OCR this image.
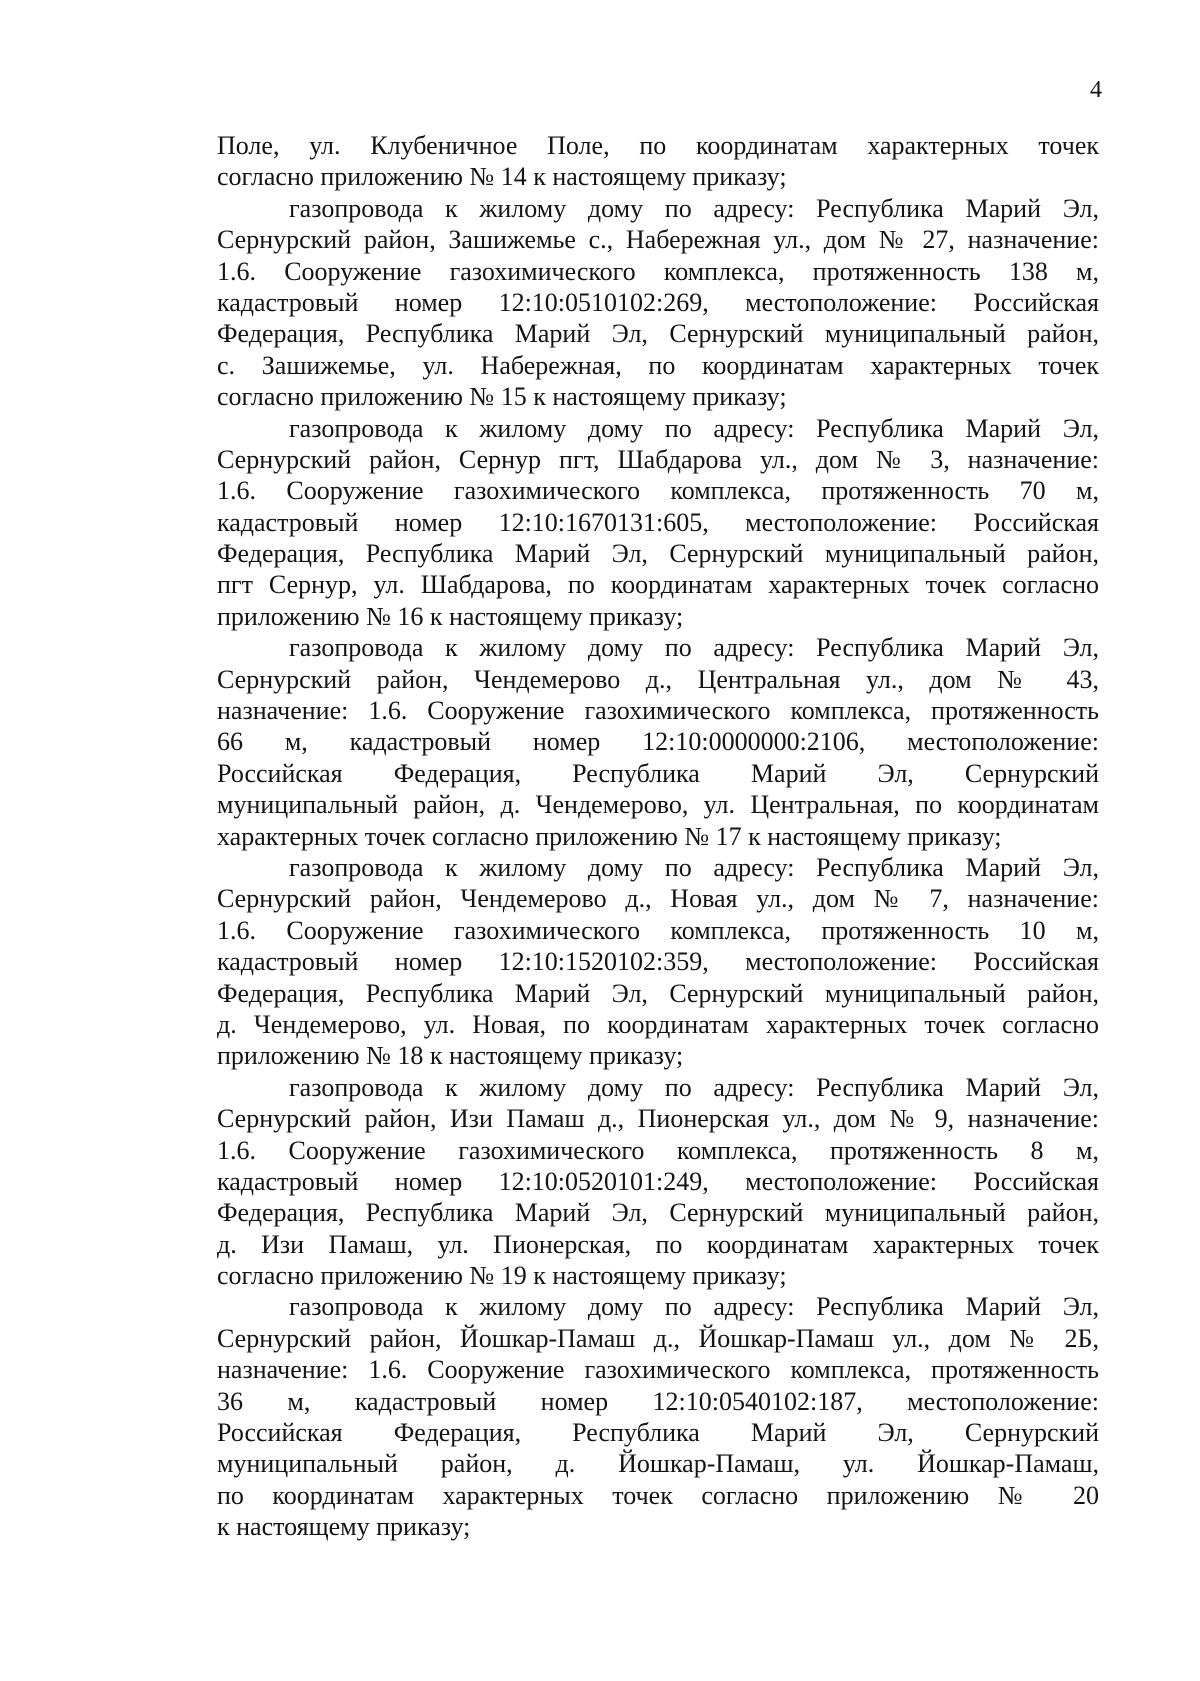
4
Поле, ул. Клубеничное Поле, по координатам характерных точек
согласно приложению № 14 к настоящему приказу;
газопровода к жилому дому по адресу: Республика Марий Эл,
Сернурский район, Зашижемье с., Набережная ул., дом № 27, назначение:
1.6. Сооружение газохимического комплекса, протяженность 138 м,
кадастровый номер 12:10:0510102:269, местоположение: Российская
Федерация, Республика Марий Эл, Сернурский муниципальный район,
с. Зашижемье, ул. Набережная, по координатам характерных точек
согласно приложению № 15 к настоящему приказу;
газопровода к жилому дому по адресу: Республика Марий Эл,
Сернурский район, Сернур пгт, Шабдарова ул., дом № 3, назначение:
1.6. Сооружение газохимического комплекса, протяженность 70 м,
кадастровый номер 12:10:1670131:605, местоположение: Российская
Федерация, Республика Марий Эл, Сернурский муниципальный район,
пгт Сернур, ул. Шабдарова, по координатам характерных точек согласно
приложению № 16 к настоящему приказу;
газопровода к жилому дому по адресу: Республика Марий Эл,
Сернурский район, Чендемерово д., Центральная ул., дом № 43,
назначение: 1.6. Сооружение газохимического комплекса, протяженность
66 м, кадастровый номер 12:10:0000000:2106, местоположение:
Российская Федерация, Республика Марий Эл, Сернурский
муниципальный район, д. Чендемерово, ул. Центральная, по координатам
характерных точек согласно приложению № 17 к настоящему приказу;
газопровода к жилому дому по адресу: Республика Марий Эл,
Сернурский район, Чендемерово д., Новая ул., дом № 7, назначение:
1.6. Сооружение газохимического комплекса, протяженность 10 м,
кадастровый номер 12:10:1520102:359, местоположение: Российская
Федерация, Республика Марий Эл, Сернурский муниципальный район,
д. Чендемерово, ул. Новая, по координатам характерных точек согласно
приложению № 18 к настоящему приказу;
газопровода к жилому дому по адресу: Республика Марий Эл,
Сернурский район, Изи Памаш д., Пионерская ул., дом № 9, назначение:
1.6. Сооружение газохимического комплекса, протяженность 8 м,
кадастровый номер 12:10:0520101:249, местоположение: Российская
Федерация, Республика Марий Эл, Сернурский муниципальный район,
д. Изи Памаш, ул. Пионерская, по координатам характерных точек
согласно приложению № 19 к настоящему приказу;
газопровода к жилому дому по адресу: Республика Марий Эл,
Сернурский район, Йошкар-Памаш д., Йошкар-Памаш ул., дом № 2Б,
назначение: 1.6. Сооружение газохимического комплекса, протяженность
36 м, кадастровый номер 12:10:0540102:187, местоположение:
Российская Федерация, Республика Марий Эл, Сернурский
муниципальный район, д. Йошкар-Памаш, ул. Йошкар-Памаш,
по координатам характерных точек согласно приложению № 20
к настоящему приказу;
